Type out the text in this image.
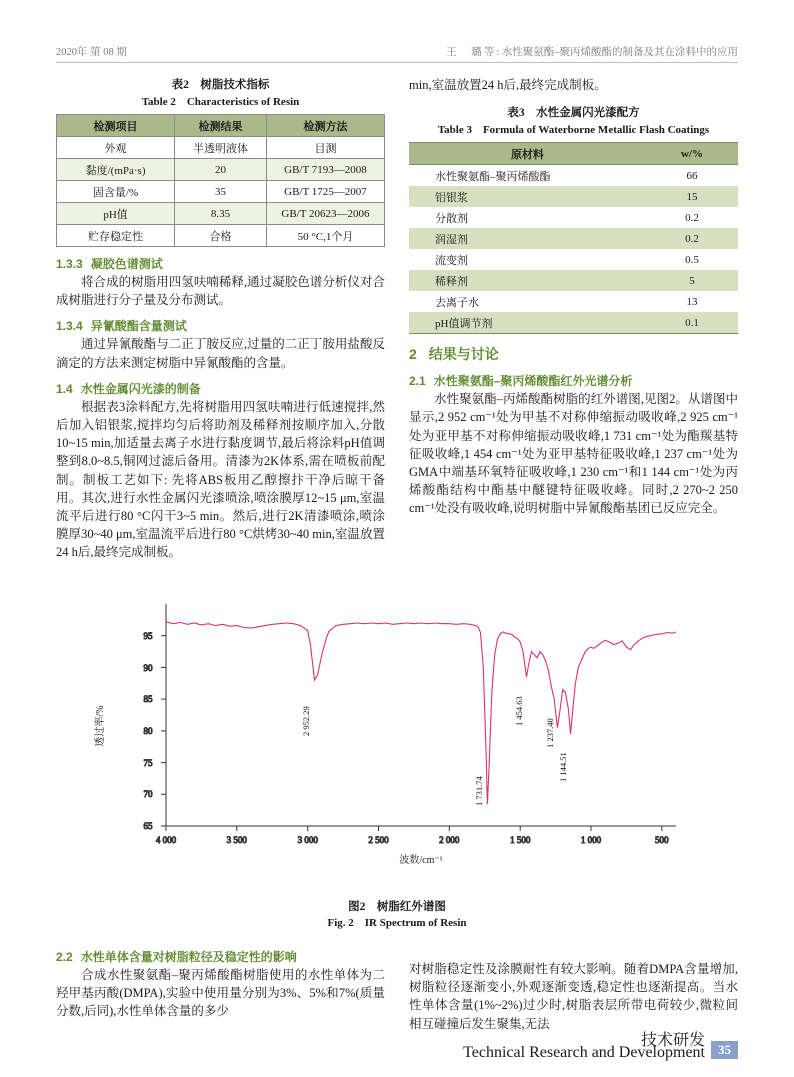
2020年 第 08 期	王　璐等: 水性聚氨酯–聚丙烯酸酯的制备及其在涂料中的应用
表2　树脂技术指标
Table 2　Characteristics of Resin
检测项目	检测结果	检测方法
外观	半透明液体	目测
黏度/(mPa·s)	20	GB/T 7193—2008
固含量/%	35	GB/T 1725—2007
pH值	8.35	GB/T 20623—2006
贮存稳定性	合格	50 °C,1个月
1.3.3 凝胶色谱测试

将合成的树脂用四氢呋喃稀释,通过凝胶色谱分析仪对合成树脂进行分子量及分布测试。

1.3.4 异氰酸酯含量测试

通过异氰酸酯与二正丁胺反应,过量的二正丁胺用盐酸反滴定的方法来测定树脂中异氰酸酯的含量。

1.4 水性金属闪光漆的制备

根据表3涂料配方,先将树脂用四氢呋喃进行低速搅拌,然后加入铝银浆,搅拌均匀后将助剂及稀释剂按顺序加入,分散10~15 min,加适量去离子水进行黏度调节,最后将涂料pH值调整到8.0~8.5,铜网过滤后备用。清漆为2K体系,需在喷板前配制。制板工艺如下: 先将ABS板用乙醇擦抃干净后晾干备用。其次,进行水性金属闪光漆喷涂,喷涂膜厚12~15 μm,室温流平后进行80 °C闪干3~5 min。然后,进行2K清漆喷涂,喷涂膜厚30~40 μm,室温流平后进行80 °C烘烤30~40 min,室温放置24 h后,最终完成制板。

min,室温放置24 h后,最终完成制板。

表3　水性金属闪光漆配方
Table 3　Formula of Waterborne Metallic Flash Coatings
原材料	w/%
水性聚氨酯–聚丙烯酸酯	66
铝银浆	15
分散剂	0.2
润湿剂	0.2
流变剂	0.5
稀释剂	5
去离子水	13
pH值调节剂	0.1
2 结果与讨论
2.1 水性聚氨酯–聚丙烯酸酯红外光谱分析

水性聚氨酯–丙烯酸酯树脂的红外谱图,见图2。从谱图中显示,2 952 cm⁻¹处为甲基不对称伸缩振动吸收峰,2 925 cm⁻¹处为亚甲基不对称伸缩振动吸收峰,1 731 cm⁻¹处为酯羰基特征吸收峰,1 454 cm⁻¹处为亚甲基特征吸收峰,1 237 cm⁻¹处为GMA中端基环氧特征吸收峰,1 230 cm⁻¹和1 144 cm⁻¹处为丙烯酸酯结构中酯基中醚键特征吸收峰。同时,2 270~2 250 cm⁻¹处没有吸收峰,说明树脂中异氰酸酯基团已反应完全。

65
70
75
80
85
90
95
4 000	3 500	3 000	2 500	2 000	1 500	1 000	500
透过率/%
波数/cm⁻¹
2 952.29
1 731.74
1 454.63
1 237.40
1 144.51
图2　树脂红外谱图
Fig. 2　IR Spectrum of Resin
2.2 水性单体含量对树脂粒径及稳定性的影响

合成水性聚氨酯–聚丙烯酸酯树脂使用的水性单体为二羟甲基丙酸(DMPA),实验中使用量分别为3%、5%和7%(质量分数,后同),水性单体含量的多少

对树脂稳定性及涂膜耐性有较大影响。随着DMPA含量增加,树脂粒径逐渐变小,外观逐渐变透,稳定性也逐渐提高。当水性单体含量(1%~2%)过少时,树脂表层所带电荷较少,微粒间相互碰撞后发生聚集,无法

技术研发
Technical Research and Development	35
